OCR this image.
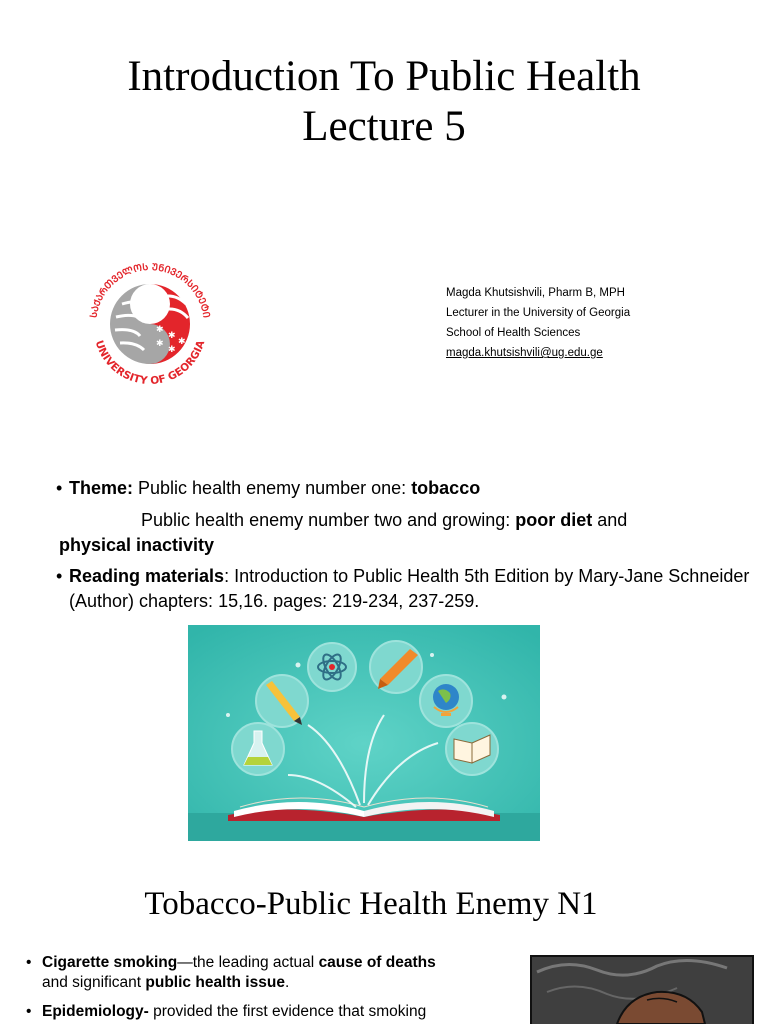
Introduction To Public Health
Lecture 5
ᲡᲐᲥᲐᲠᲗᲕᲔᲚᲝᲡ ᲣᲜᲘᲕᲔᲠᲡᲘᲢᲔᲢᲘ
UNIVERSITY OF GEORGIA
✱
✱
✱
✱
✱
Magda Khutsishvili, Pharm B, MPH
Lecturer in the University of Georgia
School of Health Sciences
magda.khutsishvili@ug.edu.ge
• Theme: Public health enemy number one: tobacco
Public health enemy number two and growing: poor diet and
physical inactivity
• Reading materials: Introduction to Public Health 5th Edition by Mary-Jane Schneider (Author) chapters: 15,16. pages: 219-234, 237-259.
Tobacco-Public Health Enemy N1
• Cigarette smoking—the leading actual cause of deaths
and significant public health issue.
• Epidemiology- provided the first evidence that smoking
